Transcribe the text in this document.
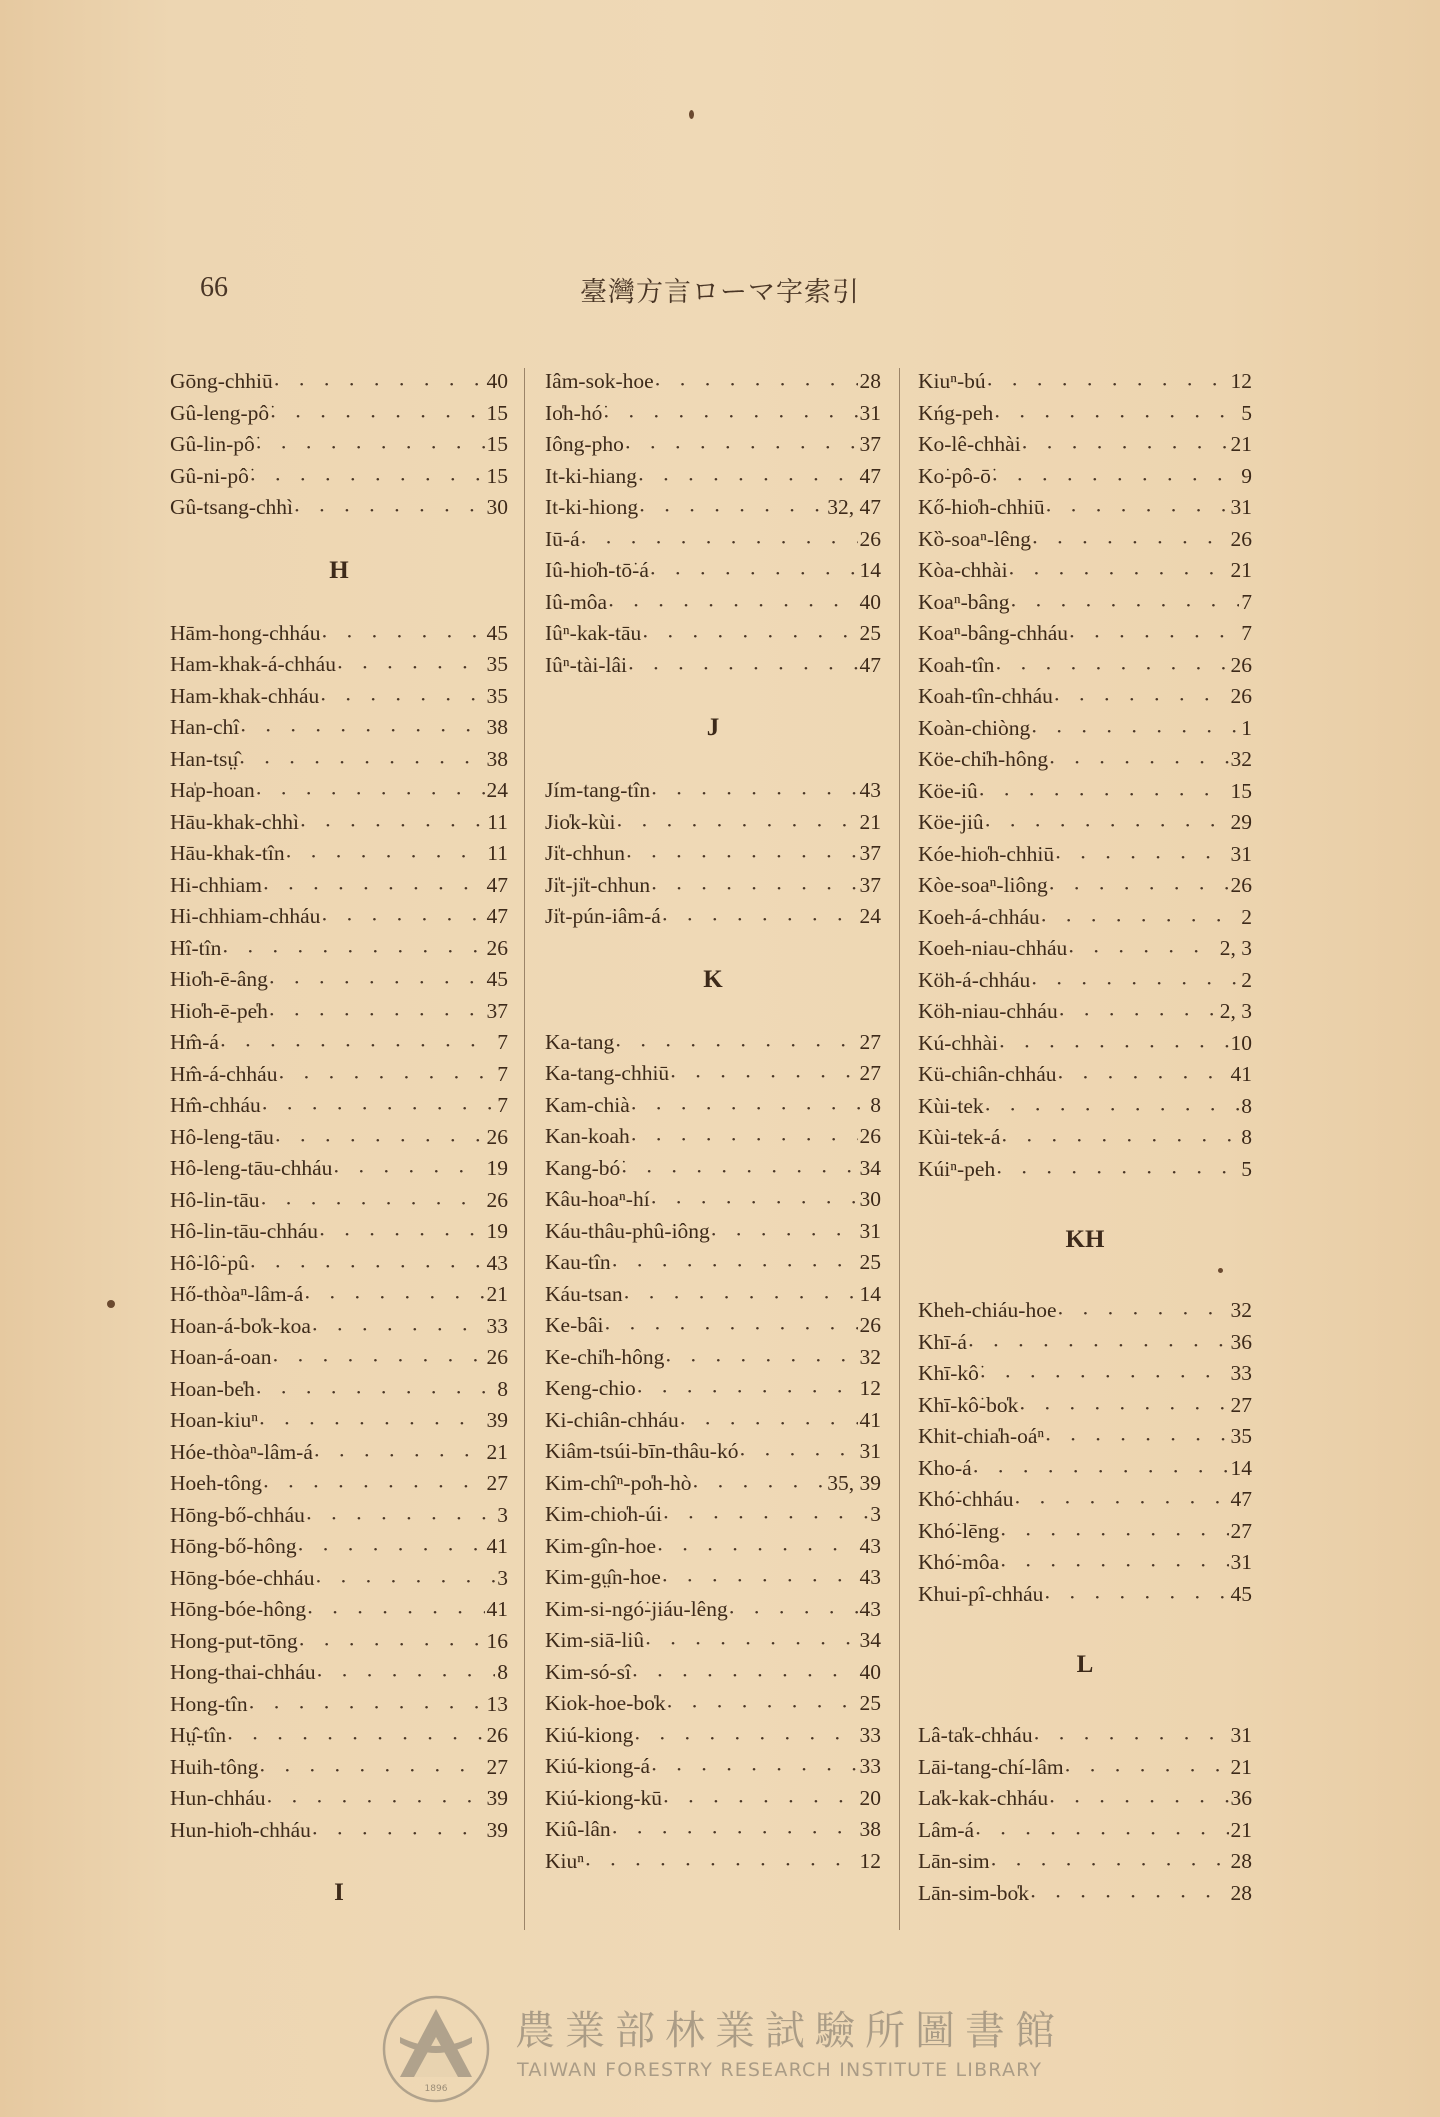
66	臺灣方言ローマ字索引
Gōng-chhiū • •	40
Gû-leng-pô͘ • •	15
Gû-lin-pô͘ • •	15
Gû-ni-pô͘ • •	15
Gû-tsang-chhì • •	30
H
Hām-hong-chháu • •	45
Ham-khak-á-chháu • •	35
Ham-khak-chháu • •	35
Han-chî • •	38
Han-tsṳ̂ • •	38
Ha̍p-hoan • •	24
Hāu-khak-chhì • •	11
Hāu-khak-tîn • •	11
Hi-chhiam • •	47
Hi-chhiam-chháu • •	47
Hî-tîn • •	26
Hio̍h-ē-âng • •	45
Hio̍h-ē-pe̍h • •	37
Hm̂-á • •	7
Hm̂-á-chháu • •	7
Hm̂-chháu • •	7
Hô-leng-tāu • •	26
Hô-leng-tāu-chháu • •	19
Hô-lin-tāu • •	26
Hô-lin-tāu-chháu • •	19
Hô͘-lô͘-pû • •	43
Hő-thòaⁿ-lâm-á • •	21
Hoan-á-bo̍k-koa • •	33
Hoan-á-oan • •	26
Hoan-be̍h • •	8
Hoan-kiuⁿ • •	39
Hóe-thòaⁿ-lâm-á • •	21
Hoeh-tông • •	27
Hōng-bő-chháu • •	3
Hōng-bő-hông • •	41
Hōng-bóe-chháu • •	3
Hōng-bóe-hông • •	41
Hong-put-tōng • •	16
Hong-thai-chháu • •	8
Hong-tîn • •	13
Hṳ̂-tîn • •	26
Huih-tông • •	27
Hun-chháu • •	39
Hun-hio̍h-chháu • •	39
I
Iâm-sok-hoe • •	28
Io̍h-hó͘ • •	31
Iông-pho • •	37
It-ki-hiang • •	47
It-ki-hiong • •	32, 47
Iū-á • •	26
Iû-hio̍h-tō͘-á • •	14
Iû-môa • •	40
Iûⁿ-kak-tāu • •	25
Iûⁿ-tài-lâi • •	47
J
Jím-tang-tîn • •	43
Jio̍k-kùi • •	21
Ji̍t-chhun • •	37
Ji̍t-ji̍t-chhun • •	37
Ji̍t-pún-iâm-á • •	24
K
Ka-tang • •	27
Ka-tang-chhiū • •	27
Kam-chià • •	8
Kan-koah • •	26
Kang-bó͘ • •	34
Kâu-hoaⁿ-hí • •	30
Káu-thâu-phû-iông • •	31
Kau-tîn • •	25
Káu-tsan • •	14
Ke-bâi • •	26
Ke-chi̍h-hông • •	32
Keng-chio • •	12
Ki-chiân-chháu • •	41
Kiâm-tsúi-bīn-thâu-kó • •	31
Kim-chîⁿ-po̍h-hò • •	35, 39
Kim-chio̍h-úi • •	3
Kim-gîn-hoe • •	43
Kim-gṳ̂n-hoe • •	43
Kim-si-ngó͘-jiáu-lêng • •	43
Kim-siā-liû • •	34
Kim-só-sî • •	40
Kiok-hoe-bo̍k • •	25
Kiú-kiong • •	33
Kiú-kiong-á • •	33
Kiú-kiong-kū • •	20
Kiû-lân • •	38
Kiuⁿ • •	12
Kiuⁿ-bú • •	12
Kńg-peh • •	5
Ko-lê-chhài • •	21
Ko͘-pô-ō͘ • •	9
Kő-hio̍h-chhiū • •	31
Kȍ-soaⁿ-lêng • •	26
Kòa-chhài • •	21
Koaⁿ-bâng • •	7
Koaⁿ-bâng-chháu • •	7
Koah-tîn • •	26
Koah-tîn-chháu • •	26
Koàn-chiòng • •	1
Köe-chi̍h-hông • •	32
Köe-iû • •	15
Köe-jiû • •	29
Kóe-hio̍h-chhiū • •	31
Kòe-soaⁿ-liông • •	26
Koeh-á-chháu • •	2
Koeh-niau-chháu • •	2, 3
Köh-á-chháu • •	2
Köh-niau-chháu • •	2, 3
Kú-chhài • •	10
Kü-chiân-chháu • •	41
Kùi-tek • •	8
Kùi-tek-á • •	8
Kúiⁿ-peh • •	5
KH
Kheh-chiáu-hoe • •	32
Khī-á • •	36
Khī-kô͘ • •	33
Khī-kô͘-bo̍k • •	27
Khit-chia̍h-oáⁿ • •	35
Kho-á • •	14
Khó͘-chháu • •	47
Khó͘-lēng • •	27
Khó͘-môa • •	31
Khui-pî-chháu • •	45
L
Lâ-ta̍k-chháu • •	31
Lāi-tang-chí-lâm • •	21
La̍k-kak-chháu • •	36
Lâm-á • •	21
Lān-sim • •	28
Lān-sim-bo̍k • •	28
1896
農業部林業試驗所圖書館
TAIWAN FORESTRY RESEARCH INSTITUTE LIBRARY
